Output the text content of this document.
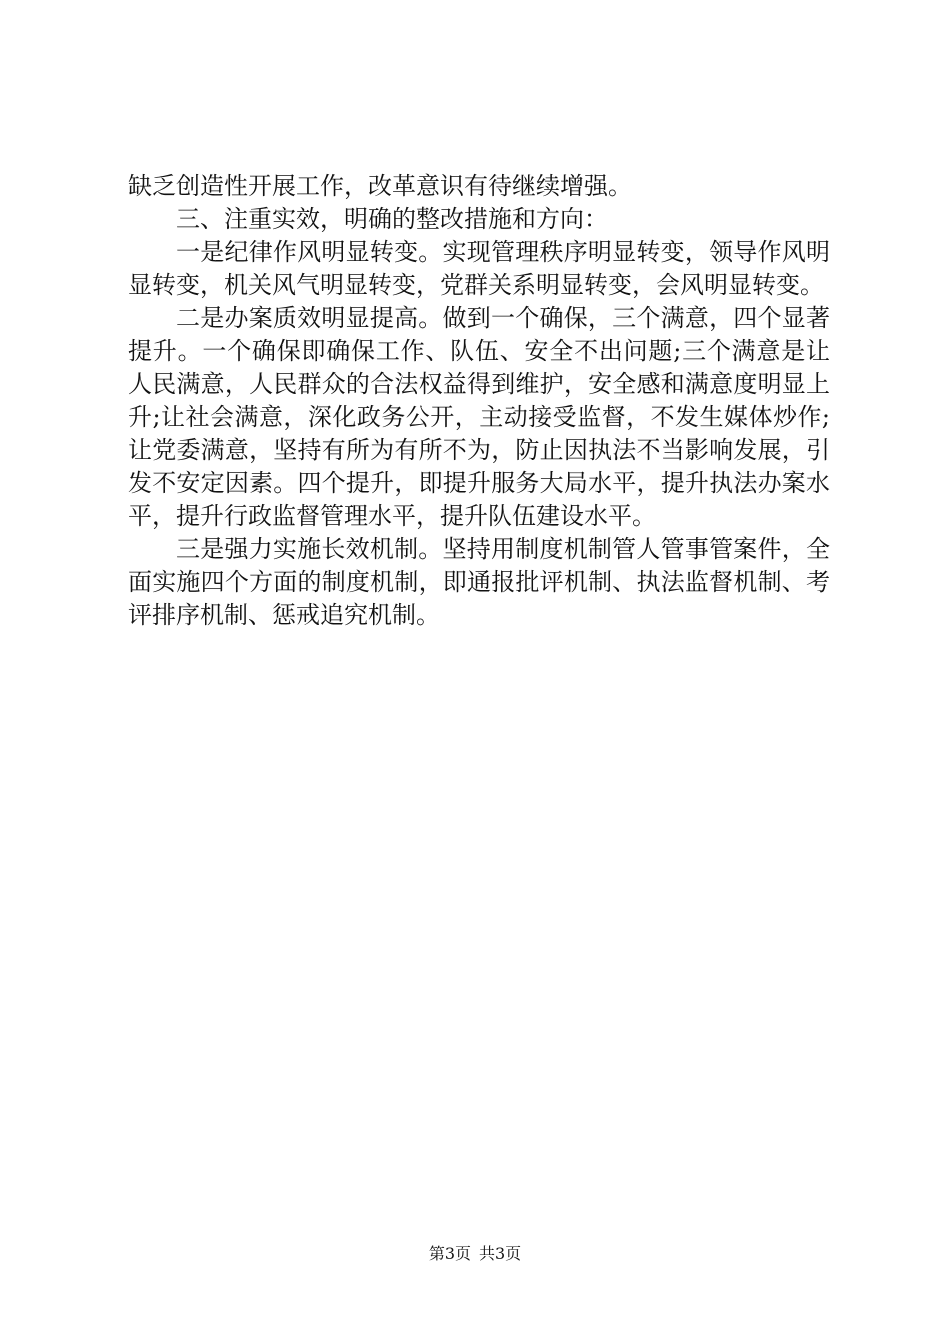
缺乏创造性开展工作，改革意识有待继续增强。

三、注重实效，明确的整改措施和方向：

一是纪律作风明显转变。实现管理秩序明显转变，领导作风明显转变，机关风气明显转变，党群关系明显转变，会风明显转变。

二是办案质效明显提高。做到一个确保，三个满意，四个显著提升。一个确保即确保工作、队伍、安全不出问题;三个满意是让人民满意，人民群众的合法权益得到维护，安全感和满意度明显上升;让社会满意，深化政务公开，主动接受监督，不发生媒体炒作;让党委满意，坚持有所为有所不为，防止因执法不当影响发展，引发不安定因素。四个提升，即提升服务大局水平，提升执法办案水平，提升行政监督管理水平，提升队伍建设水平。

三是强力实施长效机制。坚持用制度机制管人管事管案件，全面实施四个方面的制度机制，即通报批评机制、执法监督机制、考评排序机制、惩戒追究机制。

第3页 共3页
